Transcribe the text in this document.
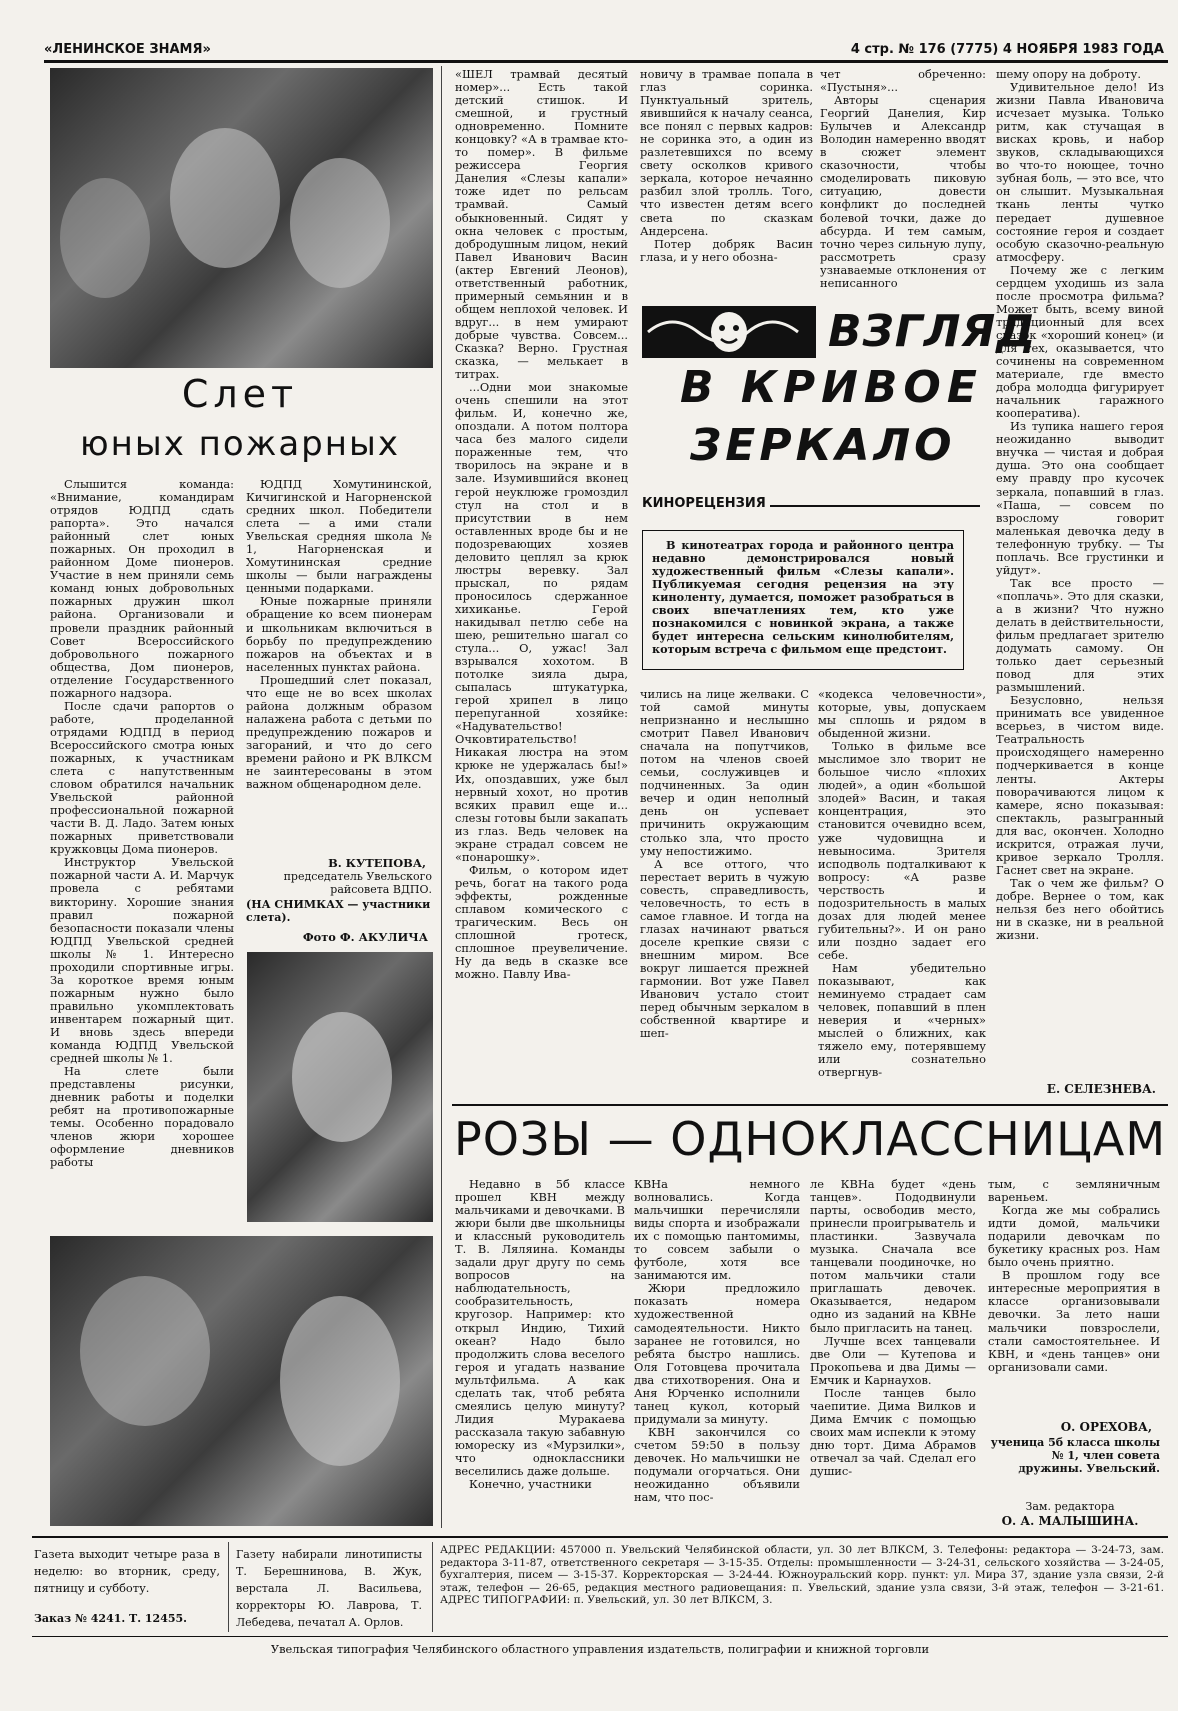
«ЛЕНИНСКОЕ ЗНАМЯ»	4 стр. № 176 (7775) 4 НОЯБРЯ 1983 ГОДА
Слет
юных пожарных

Слышится команда: «Внимание, командирам отрядов ЮДПД сдать рапорта». Это начался районный слет юных пожарных. Он проходил в районном Доме пионеров. Участие в нем приняли семь команд юных добровольных пожарных дружин школ района. Организовали и провели праздник районный Совет Всероссийского добровольного пожарного общества, Дом пионеров, отделение Государственного пожарного надзора.

После сдачи рапортов о работе, проделанной отрядами ЮДПД в период Всероссийского смотра юных пожарных, к участникам слета с напутственным словом обратился начальник Увельской районной профессиональной пожарной части В. Д. Ладо. Затем юных пожарных приветствовали кружковцы Дома пионеров.

Инструктор Увельской пожарной части А. И. Марчук провела с ребятами викторину. Хорошие знания правил пожарной безопасности показали члены ЮДПД Увельской средней школы № 1. Интересно проходили спортивные игры. За короткое время юным пожарным нужно было правильно укомплектовать инвентарем пожарный щит. И вновь здесь впереди команда ЮДПД Увельской средней школы № 1.

На слете были представлены рисунки, дневник работы и поделки ребят на противопожарные темы. Особенно порадовало членов жюри хорошее оформление дневников работы

ЮДПД Хомутининской, Кичигинской и Нагорненской средних школ. Победители слета — а ими стали Увельская средняя школа № 1, Нагорненская и Хомутининская средние школы — были награждены ценными подарками.

Юные пожарные приняли обращение ко всем пионерам и школьникам включиться в борьбу по предупреждению пожаров на объектах и в населенных пунктах района.

Прошедший слет показал, что еще не во всех школах района должным образом налажена работа с детьми по предупреждению пожаров и загораний, и что до сего времени районо и РК ВЛКСМ не заинтересованы в этом важном общенародном деле.

В. КУТЕПОВА,
председатель Увельского райсовета ВДПО.
(НА СНИМКАХ — участники слета).
Фото Ф. АКУЛИЧА

«ШЕЛ трамвай десятый номер»... Есть такой детский стишок. И смешной, и грустный одновременно. Помните концовку? «А в трамвае кто-то помер». В фильме режиссера Георгия Данелия «Слезы капали» тоже идет по рельсам трамвай. Самый обыкновенный. Сидят у окна человек с простым, добродушным лицом, некий Павел Иванович Васин (актер Евгений Леонов), ответственный работник, примерный семьянин и в общем неплохой человек. И вдруг... в нем умирают добрые чувства. Совсем... Сказка? Верно. Грустная сказка, — мелькает в титрах.

...Одни мои знакомые очень спешили на этот фильм. И, конечно же, опоздали. А потом полтора часа без малого сидели пораженные тем, что творилось на экране и в зале. Изумившийся вконец герой неуклюже громоздил стул на стол и в присутствии в нем оставленных вроде бы и не подозревающих хозяев деловито цеплял за крюк люстры веревку. Зал прыскал, по рядам проносилось сдержанное хихиканье. Герой накидывал петлю себе на шею, решительно шагал со стула... О, ужас! Зал взрывался хохотом. В потолке зияла дыра, сыпалась штукатурка, герой хрипел в лицо перепуганной хозяйке: «Надувательство! Очковтирательство! Никакая люстра на этом крюке не удержалась бы!» Их, опоздавших, уже был нервный хохот, но против всяких правил еще и... слезы готовы были закапать из глаз. Ведь человек на экране страдал совсем не «понарошку».

Фильм, о котором идет речь, богат на такого рода эффекты, рожденные сплавом комического с трагическим. Весь он сплошной гротеск, сплошное преувеличение. Ну да ведь в сказке все можно. Павлу Ива-

новичу в трамвае попала в глаз соринка. Пунктуальный зритель, явившийся к началу сеанса, все понял с первых кадров: не соринка это, а один из разлетевшихся по всему свету осколков кривого зеркала, которое нечаянно разбил злой тролль. Того, что известен детям всего света по сказкам Андерсена.

Потер добряк Васин глаза, и у него обозна-

чет обреченно: «Пустыня»...

Авторы сценария Георгий Данелия, Кир Булычев и Александр Володин намеренно вводят в сюжет элемент сказочности, чтобы смоделировать пиковую ситуацию, довести конфликт до последней болевой точки, даже до абсурда. И тем самым, точно через сильную лупу, рассмотреть сразу узнаваемые отклонения от неписанного

ВЗГЛЯД
В КРИВОЕ
ЗЕРКАЛО
КИНОРЕЦЕНЗИЯ
В кинотеатрах города и районного центра недавно демонстрировался новый художественный фильм «Слезы капали». Публикуемая сегодня рецензия на эту киноленту, думается, поможет разобраться в своих впечатлениях тем, кто уже познакомился с новинкой экрана, а также будет интересна сельским кинолюбителям, которым встреча с фильмом еще предстоит.

чились на лице желваки. С той самой минуты непризнанно и неслышно смотрит Павел Иванович сначала на попутчиков, потом на членов своей семьи, сослуживцев и подчиненных. За один вечер и один неполный день он успевает причинить окружающим столько зла, что просто уму непостижимо.

А все оттого, что перестает верить в чужую совесть, справедливость, человечность, то есть в самое главное. И тогда на глазах начинают рваться доселе крепкие связи с внешним миром. Все вокруг лишается прежней гармонии. Вот уже Павел Иванович устало стоит перед обычным зеркалом в собственной квартире и шеп-

«кодекса человечности», которые, увы, допускаем мы сплошь и рядом в обыденной жизни.

Только в фильме все мыслимое зло творит не большое число «плохих людей», а один «большой злодей» Васин, и такая концентрация, это становится очевидно всем, уже чудовищна и невыносима. Зрителя исподволь подталкивают к вопросу: «А разве черствость и подозрительность в малых дозах для людей менее губительны?». И он рано или поздно задает его себе.

Нам убедительно показывают, как неминуемо страдает сам человек, попавший в плен неверия и «черных» мыслей о ближних, как тяжело ему, потерявшему или сознательно отвергнув-

шему опору на доброту.

Удивительное дело! Из жизни Павла Ивановича исчезает музыка. Только ритм, как стучащая в висках кровь, и набор звуков, складывающихся во что-то ноющее, точно зубная боль, — это все, что он слышит. Музыкальная ткань ленты чутко передает душевное состояние героя и создает особую сказочно-реальную атмосферу.

Почему же с легким сердцем уходишь из зала после просмотра фильма? Может быть, всему виной традиционный для всех сказок «хороший конец» (и для тех, оказывается, что сочинены на современном материале, где вместо добра молодца фигурирует начальник гаражного кооператива).

Из тупика нашего героя неожиданно выводит внучка — чистая и добрая душа. Это она сообщает ему правду про кусочек зеркала, попавший в глаз. «Паша, — совсем по взрослому говорит маленькая девочка деду в телефонную трубку. — Ты поплачь. Все грустинки и уйдут».

Так все просто — «поплачь». Это для сказки, а в жизни? Что нужно делать в действительности, фильм предлагает зрителю додумать самому. Он только дает серьезный повод для этих размышлений.

Безусловно, нельзя принимать все увиденное всерьез, в чистом виде. Театральность происходящего намеренно подчеркивается в конце ленты. Актеры поворачиваются лицом к камере, ясно показывая: спектакль, разыгранный для вас, окончен. Холодно искрится, отражая лучи, кривое зеркало Тролля. Гаснет свет на экране.

Так о чем же фильм? О добре. Вернее о том, как нельзя без него обойтись ни в сказке, ни в реальной жизни.

Е. СЕЛЕЗНЕВА.
РОЗЫ — ОДНОКЛАССНИЦАМ

Недавно в 5б классе прошел КВН между мальчиками и девочками. В жюри были две школьницы и классный руководитель Т. В. Ляляина. Команды задали друг другу по семь вопросов на наблюдательность, сообразительность, кругозор. Например: кто открыл Индию, Тихий океан? Надо было продолжить слова веселого героя и угадать название мультфильма. А как сделать так, чтоб ребята смеялись целую минуту? Лидия Муракаева рассказала такую забавную юмореску из «Мурзилки», что одноклассники веселились даже дольше.

Конечно, участники

КВНа немного волновались. Когда мальчишки перечисляли виды спорта и изображали их с помощью пантомимы, то совсем забыли о футболе, хотя все занимаются им.

Жюри предложило показать номера художественной самодеятельности. Никто заранее не готовился, но ребята быстро нашлись. Оля Готовцева прочитала два стихотворения. Она и Аня Юрченко исполнили танец кукол, который придумали за минуту.

КВН закончился со счетом 59:50 в пользу девочек. Но мальчишки не подумали огорчаться. Они неожиданно объявили нам, что пос-

ле КВНа будет «день танцев». Пододвинули парты, освободив место, принесли проигрыватель и пластинки. Зазвучала музыка. Сначала все танцевали поодиночке, но потом мальчики стали приглашать девочек. Оказывается, недаром одно из заданий на КВНе было пригласить на танец.

Лучше всех танцевали две Оли — Кутепова и Прокопьева и два Димы — Емчик и Карнаухов.

После танцев было чаепитие. Дима Вилков и Дима Емчик с помощью своих мам испекли к этому дню торт. Дима Абрамов отвечал за чай. Сделал его душис-

тым, с земляничным вареньем.

Когда же мы собрались идти домой, мальчики подарили девочкам по букетику красных роз. Нам было очень приятно.

В прошлом году все интересные мероприятия в классе организовывали девочки. За лето наши мальчики повзрослели, стали самостоятельнее. И КВН, и «день танцев» они организовали сами.

О. ОРЕХОВА,
ученица 5б класса школы № 1, член совета дружины. Увельский.
Зам. редактора
О. А. МАЛЫШИНА.
Газета выходит четыре раза в неделю: во вторник, среду, пятницу и субботу.
Заказ № 4241. Т. 12455.
Газету набирали линотиписты Т. Берешнинова, В. Жук, верстала Л. Васильева, корректоры Ю. Лаврова, Т. Лебедева, печатал А. Орлов.
АДРЕС РЕДАКЦИИ: 457000 п. Увельский Челябинской области, ул. 30 лет ВЛКСМ, 3. Телефоны: редактора — 3-24-73, зам. редактора 3-11-87, ответственного секретаря — 3-15-35. Отделы: промышленности — 3-24-31, сельского хозяйства — 3-24-05, бухгалтерия, писем — 3-15-37. Корректорская — 3-24-44. Южноуральский корр. пункт: ул. Мира 37, здание узла связи, 2-й этаж, телефон — 26-65, редакция местного радиовещания: п. Увельский, здание узла связи, 3-й этаж, телефон — 3-21-61. АДРЕС ТИПОГРАФИИ: п. Увельский, ул. 30 лет ВЛКСМ, 3.
Увельская типография Челябинского областного управления издательств, полиграфии и книжной торговли
